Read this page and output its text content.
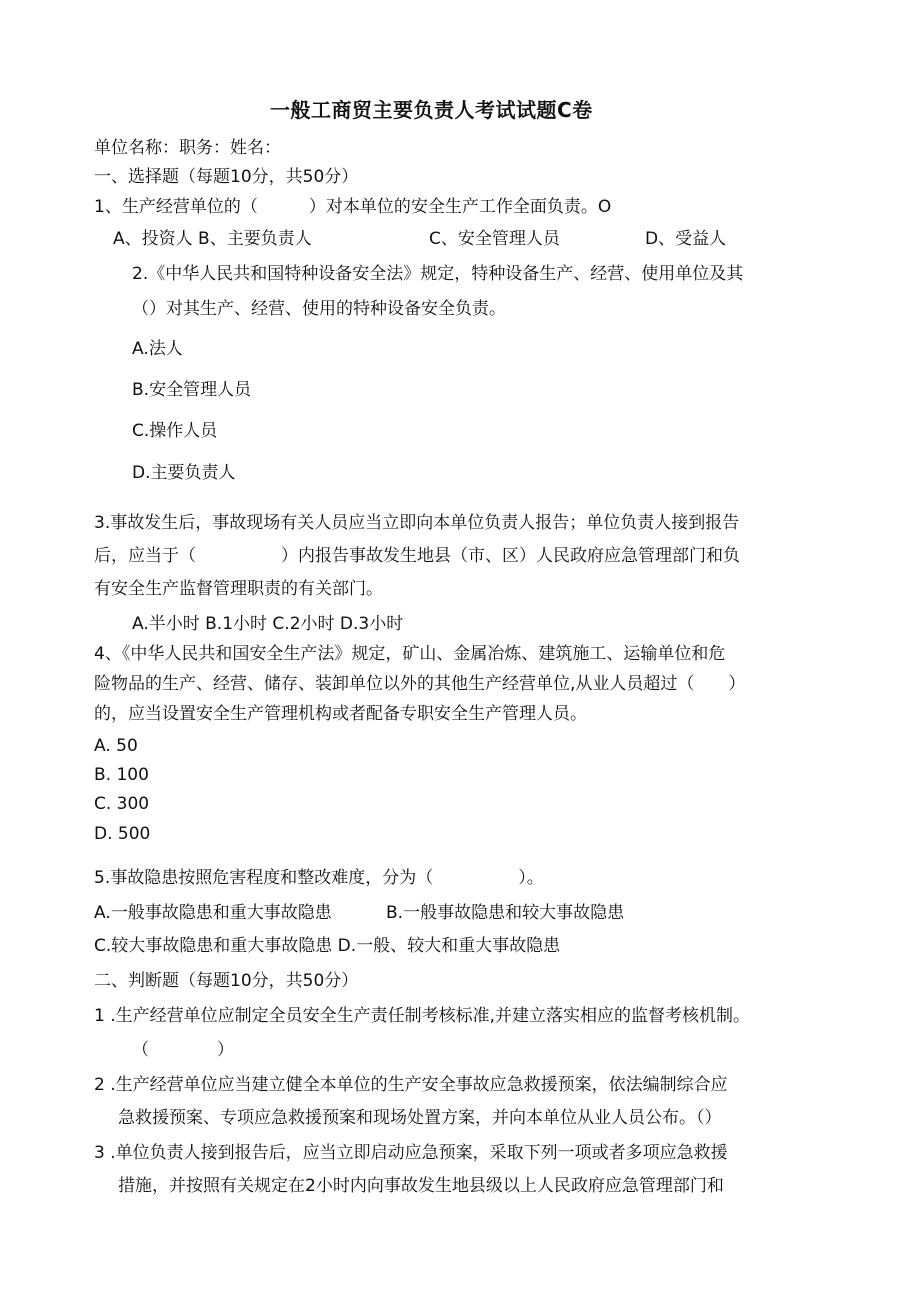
一般工商贸主要负责人考试试题C卷
单位名称：职务：姓名：
一、选择题（每题10分，共50分）
1、生产经营单位的（　　　）对本单位的安全生产工作全面负责。O
A、投资人 B、主要负责人	C、安全管理人员	D、受益人
2.《中华人民共和国特种设备安全法》规定，特种设备生产、经营、使用单位及其
（）对其生产、经营、使用的特种设备安全负责。
A.法人
B.安全管理人员
C.操作人员
D.主要负责人
3.事故发生后，事故现场有关人员应当立即向本单位负责人报告；单位负责人接到报告
后，应当于（　　　　　）内报告事故发生地县（市、区）人民政府应急管理部门和负
有安全生产监督管理职责的有关部门。
A.半小时 B.1小时 C.2小时 D.3小时
4、《中华人民共和国安全生产法》规定，矿山、金属冶炼、建筑施工、运输单位和危
险物品的生产、经营、储存、装卸单位以外的其他生产经营单位,从业人员超过（　　）
的，应当设置安全生产管理机构或者配备专职安全生产管理人员。
A. 50
B. 100
C. 300
D. 500
5.事故隐患按照危害程度和整改难度，分为（　　　　　）。
A.一般事故隐患和重大事故隐患	B.一般事故隐患和较大事故隐患
C.较大事故隐患和重大事故隐患 D.一般、较大和重大事故隐患
二、判断题（每题10分，共50分）
1 .生产经营单位应制定全员安全生产责任制考核标准,并建立落实相应的监督考核机制。
（　　　　）
2 .生产经营单位应当建立健全本单位的生产安全事故应急救援预案，依法编制综合应
急救援预案、专项应急救援预案和现场处置方案，并向本单位从业人员公布。（）
3 .单位负责人接到报告后，应当立即启动应急预案，采取下列一项或者多项应急救援
措施，并按照有关规定在2小时内向事故发生地县级以上人民政府应急管理部门和
